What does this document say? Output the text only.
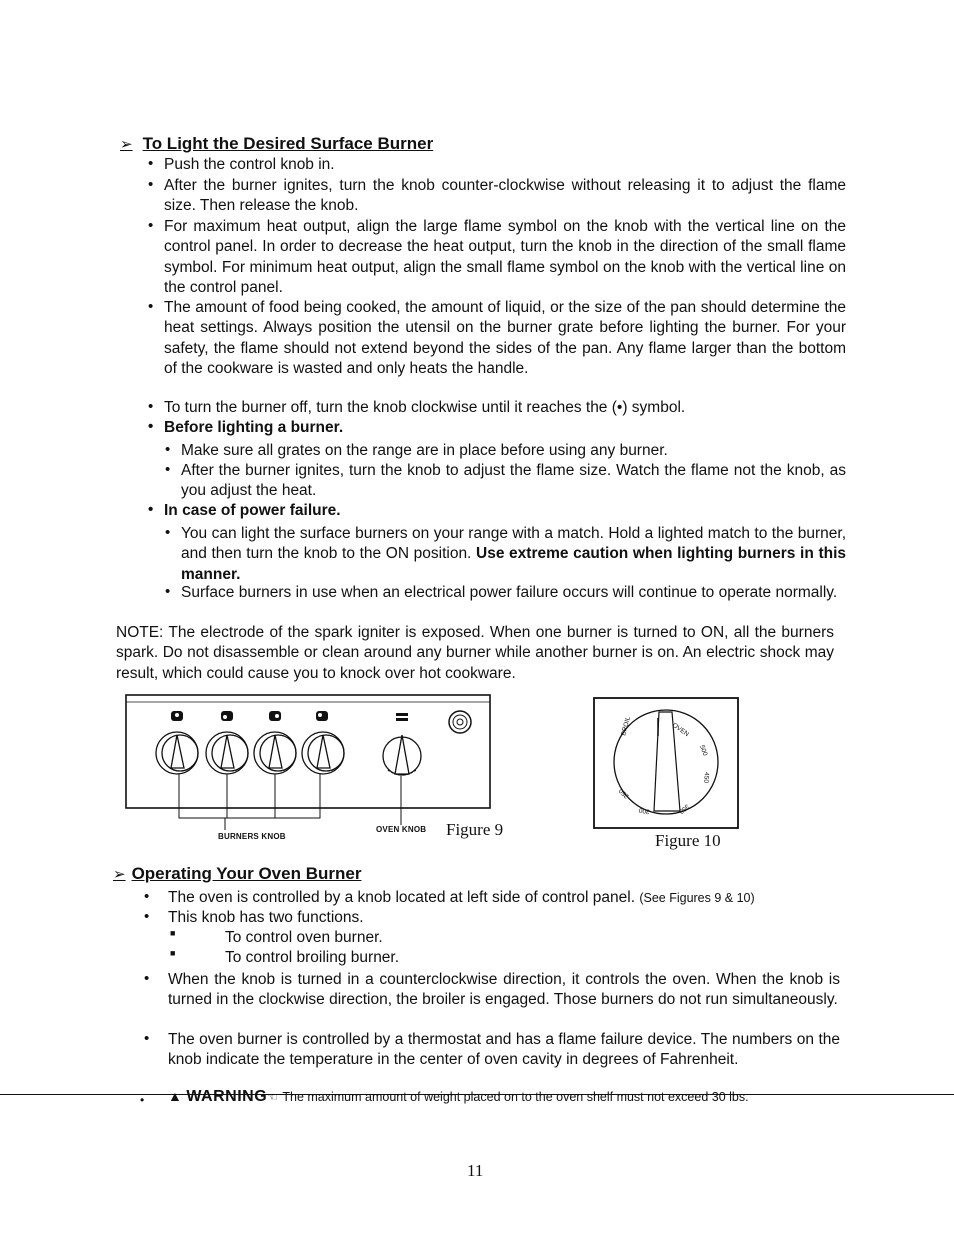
➢ To Light the Desired Surface Burner
• Push the control knob in.
• After the burner ignites, turn the knob counter-clockwise without releasing it to adjust the flame size. Then release the knob.
• For maximum heat output, align the large flame symbol on the knob with the vertical line on the control panel. In order to decrease the heat output, turn the knob in the direction of the small flame symbol. For minimum heat output, align the small flame symbol on the knob with the vertical line on the control panel.
• The amount of food being cooked, the amount of liquid, or the size of the pan should determine the heat settings. Always position the utensil on the burner grate before lighting the burner. For your safety, the flame should not extend beyond the sides of the pan. Any flame larger than the bottom of the cookware is wasted and only heats the handle.
• To turn the burner off, turn the knob clockwise until it reaches the (•) symbol.
• Before lighting a burner.
• Make sure all grates on the range are in place before using any burner.
• After the burner ignites, turn the knob to adjust the flame size. Watch the flame not the knob, as you adjust the heat.
• In case of power failure.
• You can light the surface burners on your range with a match. Hold a lighted match to the burner, and then turn the knob to the ON position. Use extreme caution when lighting burners in this manner.
• Surface burners in use when an electrical power failure occurs will continue to operate normally.
NOTE: The electrode of the spark igniter is exposed. When one burner is turned to ON, all the burners spark. Do not disassemble or clean around any burner while another burner is on. An electric shock may result, which could cause you to knock over hot cookware.
BURNERS KNOB
OVEN KNOB Figure 9
OVEN
500
450
350
300
250
BROIL
Figure 10
➢ Operating Your Oven Burner
• The oven is controlled by a knob located at left side of control panel. (See Figures 9 & 10)
• This knob has two functions.
■	To control oven burner.
■	To control broiling burner.
• When the knob is turned in a counterclockwise direction, it controls the oven. When the knob is turned in the clockwise direction, the broiler is engaged. Those burners do not run simultaneously.
• The oven burner is controlled by a thermostat and has a flame failure device. The numbers on the knob indicate the temperature in the center of oven cavity in degrees of Fahrenheit.
• ▲ WARNING☜ The maximum amount of weight placed on to the oven shelf must not exceed 30 lbs.
11
